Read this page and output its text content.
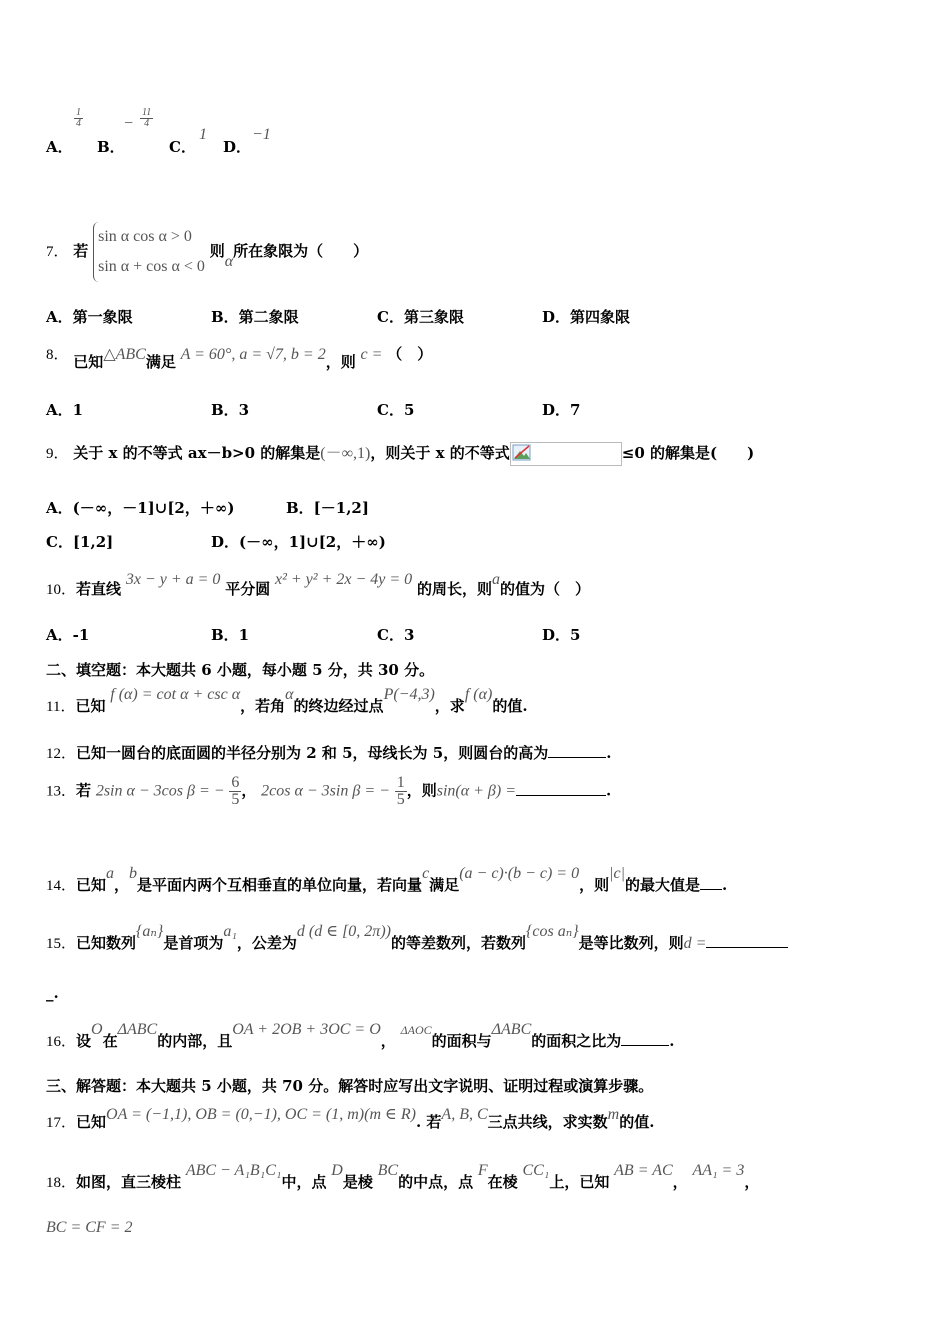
A．
$\frac{1}{4}$
B．
− $\frac{11}{4}$
C．
1
D．
−1
7． 若
sin α cos α > 0
sin α + cos α < 0
则α所在象限为（　　）
A．第一象限	B．第二象限	C．第三象限	D．第四象限
8． 已知△ABC满足 A = 60°, a = √7, b = 2，则 c = （　）
A．1	B．3	C．5	D．7
9． 关于 x 的不等式 ax－b>0 的解集是(－∞,1)，则关于 x 的不等式	≤0 的解集是(　　)
A．(－∞，－1]∪[2，＋∞)	B．[－1,2]
C．[1,2]	D．(－∞，1]∪[2，＋∞)
10．若直线 3x − y + a = 0 平分圆 x² + y² + 2x − 4y = 0 的周长，则a的值为（　）
A．-1	B．1	C．3	D．5
二、填空题：本大题共 6 小题，每小题 5 分，共 30 分。
11．已知 f (α) = cot α + csc α，若角α的终边经过点P(−4,3)，求f (α)的值.
12．已知一圆台的底面圆的半径分别为 2 和 5，母线长为 5，则圆台的高为	.
13．若 2sin α − 3cos β = − $\frac{6}{5}$ ， 2cos α − 3sin β = − $\frac{1}{5}$ ，则sin(α + β) =	.
14．已知a，b是平面内两个互相垂直的单位向量，若向量c满足(a − c)·(b − c) = 0，则|c|的最大值是 .
15．已知数列{aₙ}是首项为a₁，公差为d (d ∈ [0, 2π))的等差数列，若数列{cos aₙ}是等比数列，则d =
_.
16．设O在ΔABC的内部，且OA + 2OB + 3OC = O， ΔAOC的面积与ΔABC的面积之比为	.
三、解答题：本大题共 5 小题，共 70 分。解答时应写出文字说明、证明过程或演算步骤。
17．已知OA = (−1,1), OB = (0,−1), OC = (1, m)(m ∈ R). 若A, B, C三点共线，求实数m的值.
18．如图，直三棱柱 ABC − A₁B₁C₁中，点 D是棱 BC的中点，点 F在棱 CC₁上，已知 AB = AC， AA₁ = 3，
BC = CF = 2
